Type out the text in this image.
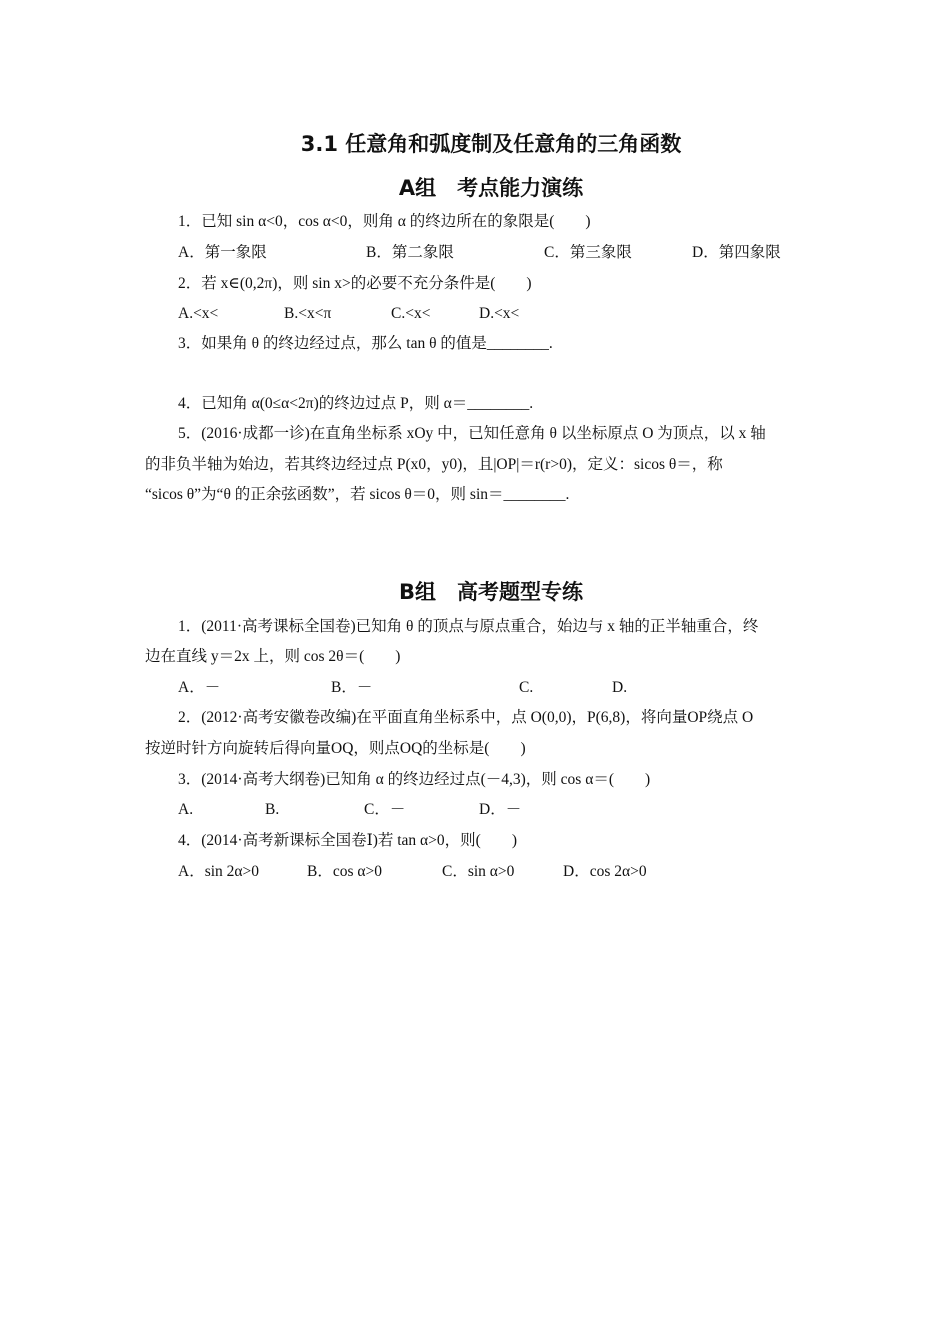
3.1 任意角和弧度制及任意角的三角函数
A组　考点能力演练
1．已知 sin α<0，cos α<0，则角 α 的终边所在的象限是(　　)
A．第一象限	B．第二象限	C．第三象限	D．第四象限
2．若 x∈(0,2π)，则 sin x>的必要不充分条件是(　　)
A.<x<	B.<x<π	C.<x<	D.<x<
3．如果角 θ 的终边经过点，那么 tan θ 的值是________.
4．已知角 α(0≤α<2π)的终边过点 P，则 α＝________.
5．(2016·成都一诊)在直角坐标系 xOy 中，已知任意角 θ 以坐标原点 O 为顶点，以 x 轴
的非负半轴为始边，若其终边经过点 P(x0，y0)，且|OP|＝r(r>0)，定义：sicos θ＝，称
“sicos θ”为“θ 的正余弦函数”，若 sicos θ＝0，则 sin＝________.
B组　高考题型专练
1．(2011·高考课标全国卷)已知角 θ 的顶点与原点重合，始边与 x 轴的正半轴重合，终
边在直线 y＝2x 上，则 cos 2θ＝(　　)
A．－	B．－	C.	D.
2．(2012·高考安徽卷改编)在平面直角坐标系中，点 O(0,0)，P(6,8)，将向量OP绕点 O
按逆时针方向旋转后得向量OQ，则点OQ的坐标是(　　)
3．(2014·高考大纲卷)已知角 α 的终边经过点(－4,3)，则 cos α＝(　　)
A.	B.	C．－	D．－
4．(2014·高考新课标全国卷Ⅰ)若 tan α>0，则(　　)
A．sin 2α>0	B．cos α>0	C．sin α>0	D．cos 2α>0
